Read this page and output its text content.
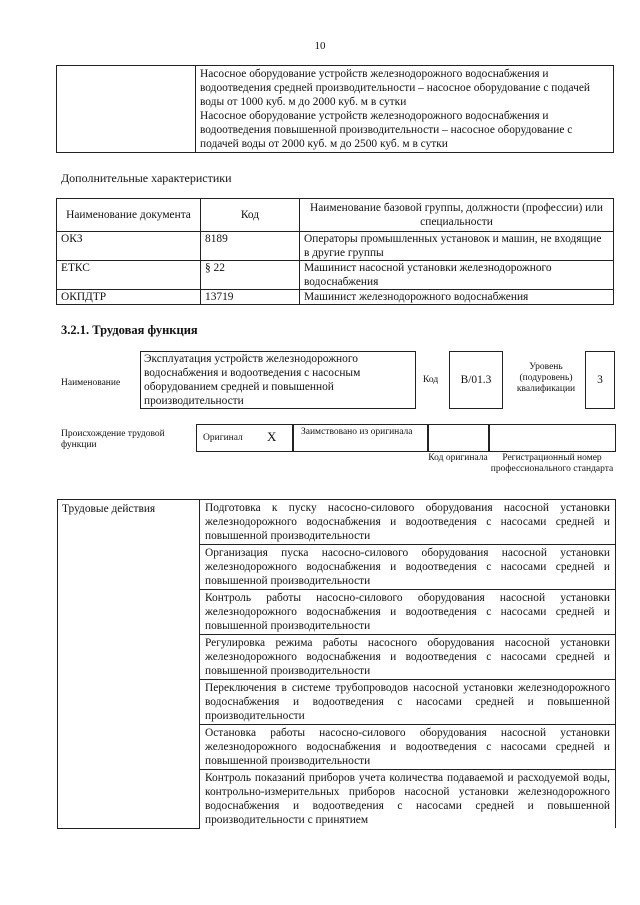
10

Насосное оборудование устройств железнодорожного водоснабжения и водоотведения средней производительности – насосное оборудование с подачей воды от 1000 куб. м до 2000 куб. м в сутки
Насосное оборудование устройств железнодорожного водоснабжения и водоотведения повышенной производительности – насосное оборудование с подачей воды от 2000 куб. м до 2500 куб. м в сутки
Дополнительные характеристики
Наименование документа	Код	Наименование базовой группы, должности (профессии) или специальности
ОКЗ	8189	Операторы промышленных установок и машин, не входящие в другие группы
ЕТКС	§ 22	Машинист насосной установки железнодорожного водоснабжения
ОКПДТР	13719	Машинист железнодорожного водоснабжения
3.2.1. Трудовая функция
Наименование
Эксплуатация устройств железнодорожного водоснабжения и водоотведения с насосным оборудованием средней и повышенной производительности
Код	B/01.3
Уровень (подуровень) квалификации
3
Происхождение трудовой функции
Оригинал X	Заимствовано из оригинала
Код оригинала	Регистрационный номер профессионального стандарта
Трудовые действия	Подготовка к пуску насосно-силового оборудования насосной установки железнодорожного водоснабжения и водоотведения с насосами средней и повышенной производительности
Организация пуска насосно-силового оборудования насосной установки железнодорожного водоснабжения и водоотведения с насосами средней и повышенной производительности
Контроль работы насосно-силового оборудования насосной установки железнодорожного водоснабжения и водоотведения с насосами средней и повышенной производительности
Регулировка режима работы насосного оборудования насосной установки железнодорожного водоснабжения и водоотведения с насосами средней и повышенной производительности
Переключения в системе трубопроводов насосной установки железнодорожного водоснабжения и водоотведения с насосами средней и повышенной производительности
Остановка работы насосно-силового оборудования насосной установки железнодорожного водоснабжения и водоотведения с насосами средней и повышенной производительности
Контроль показаний приборов учета количества подаваемой и расходуемой воды, контрольно-измерительных приборов насосной установки железнодорожного водоснабжения и водоотведения с насосами средней и повышенной производительности с принятием
